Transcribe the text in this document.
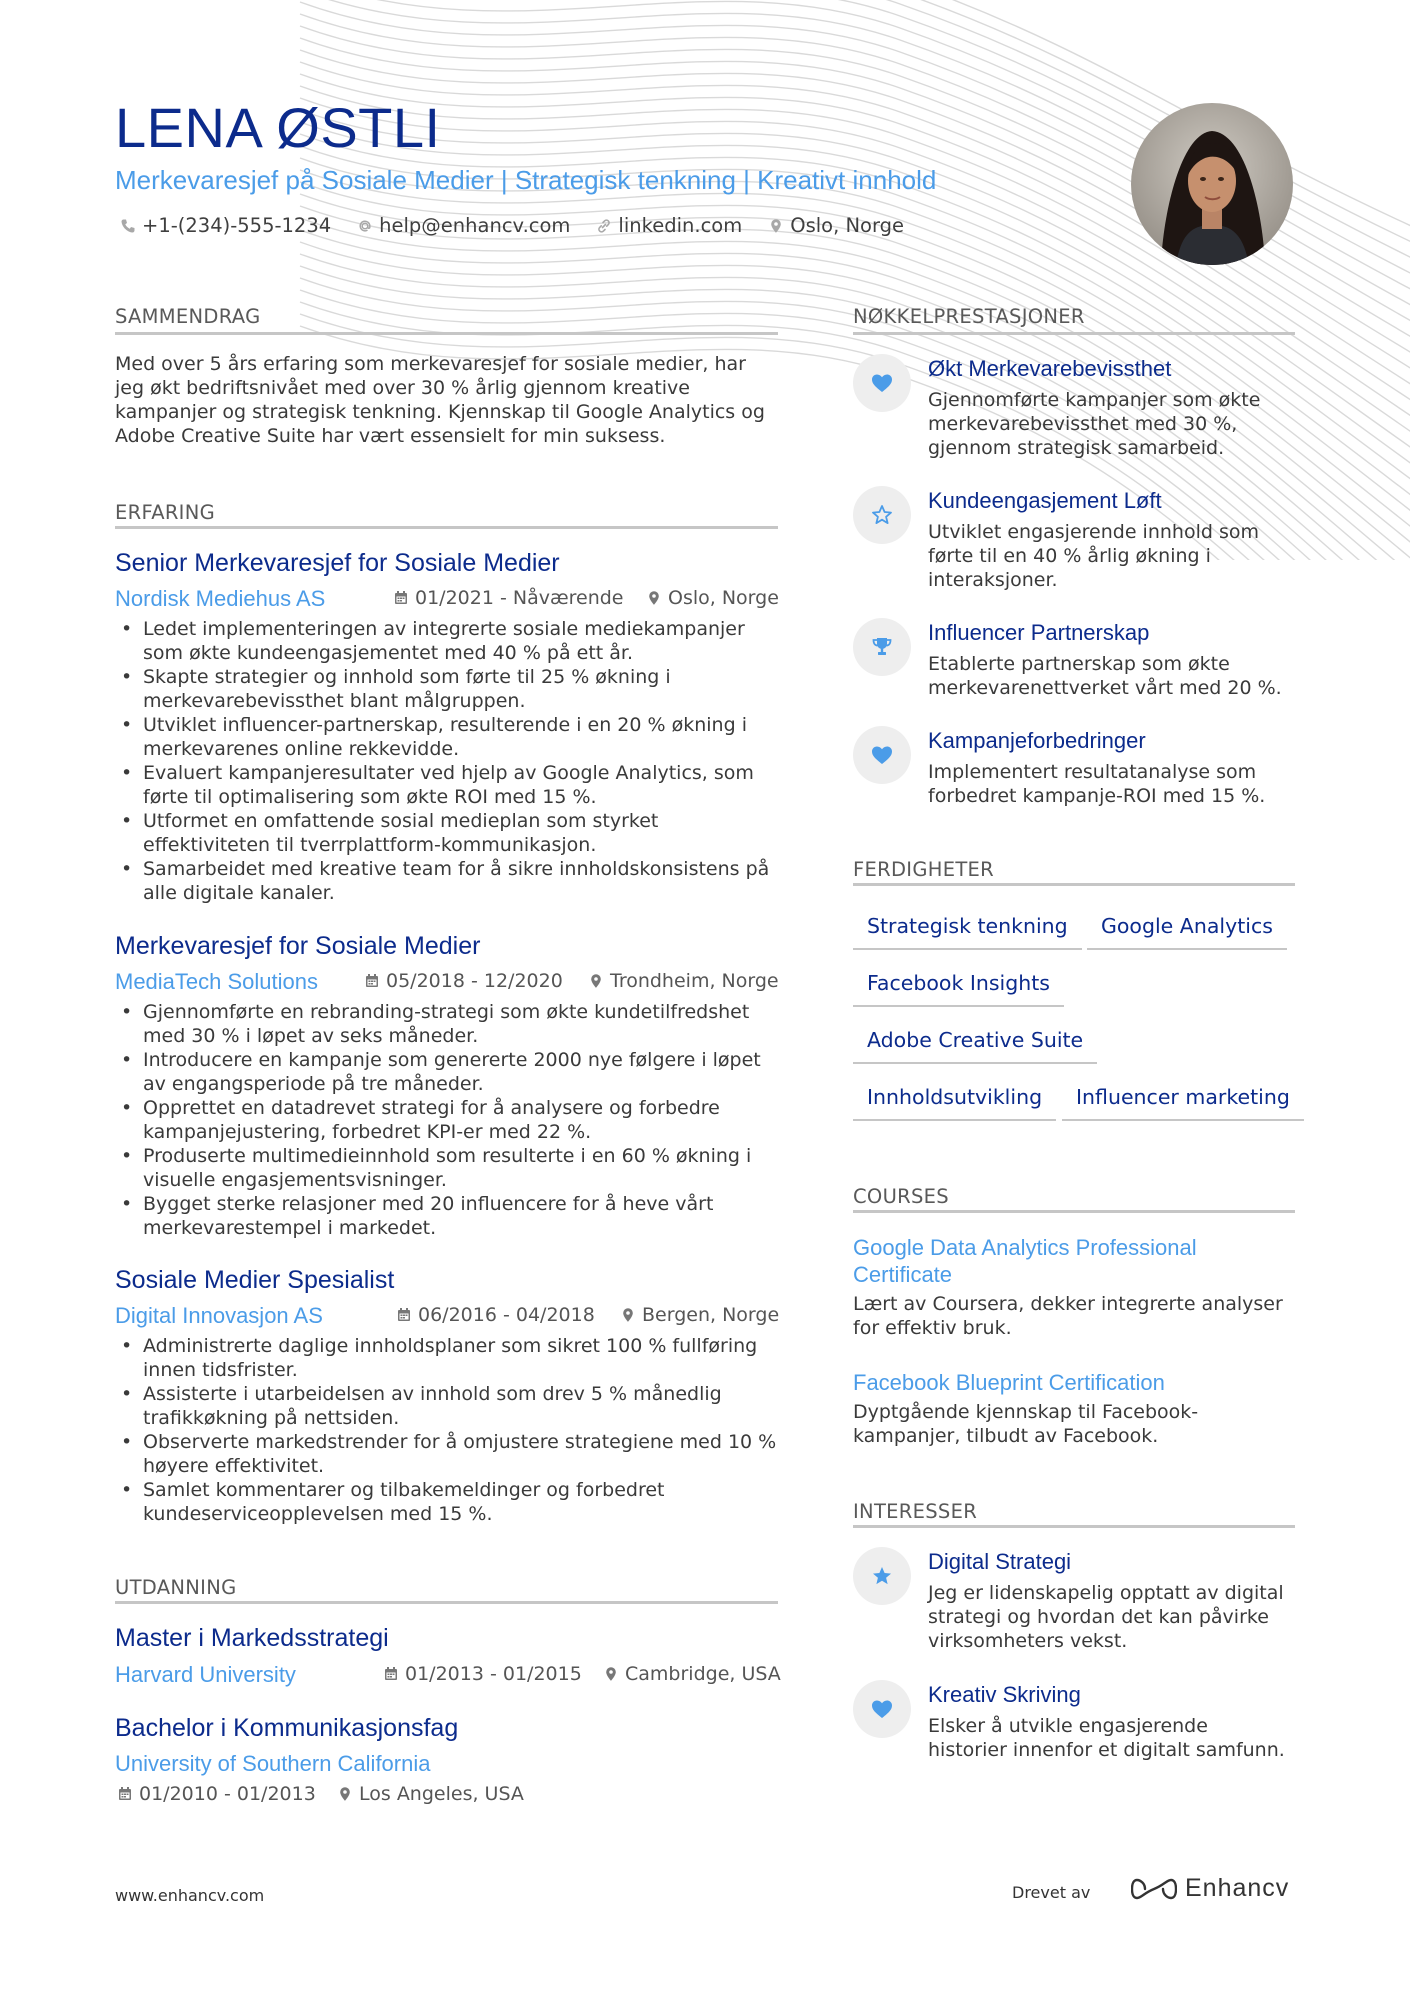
LENA ØSTLI
Merkevaresjef på Sosiale Medier | Strategisk tenkning | Kreativt innhold
+1-(234)-555-1234 help@enhancv.com linkedin.com Oslo, Norge
SAMMENDRAG

Med over 5 års erfaring som merkevaresjef for sosiale medier, har jeg økt bedriftsnivået med over 30 % årlig gjennom kreative kampanjer og strategisk tenkning. Kjennskap til Google Analytics og Adobe Creative Suite har vært essensielt for min suksess.

ERFARING
Senior Merkevaresjef for Sosiale Medier
Nordisk Mediehus AS	01/2021 - Nåværende Oslo, Norge
• Ledet implementeringen av integrerte sosiale mediekampanjer som økte kundeengasjementet med 40 % på ett år.
• Skapte strategier og innhold som førte til 25 % økning i merkevarebevissthet blant målgruppen.
• Utviklet influencer-partnerskap, resulterende i en 20 % økning i merkevarenes online rekkevidde.
• Evaluert kampanjeresultater ved hjelp av Google Analytics, som førte til optimalisering som økte ROI med 15 %.
• Utformet en omfattende sosial medieplan som styrket effektiviteten til tverrplattform-kommunikasjon.
• Samarbeidet med kreative team for å sikre innholdskonsistens på alle digitale kanaler.
Merkevaresjef for Sosiale Medier
MediaTech Solutions	05/2018 - 12/2020 Trondheim, Norge
• Gjennomførte en rebranding-strategi som økte kundetilfredshet med 30 % i løpet av seks måneder.
• Introducere en kampanje som genererte 2000 nye følgere i løpet av engangsperiode på tre måneder.
• Opprettet en datadrevet strategi for å analysere og forbedre kampanjejustering, forbedret KPI-er med 22 %.
• Produserte multimedieinnhold som resulterte i en 60 % økning i visuelle engasjementsvisninger.
• Bygget sterke relasjoner med 20 influencere for å heve vårt merkevarestempel i markedet.
Sosiale Medier Spesialist
Digital Innovasjon AS	06/2016 - 04/2018 Bergen, Norge
• Administrerte daglige innholdsplaner som sikret 100 % fullføring innen tidsfrister.
• Assisterte i utarbeidelsen av innhold som drev 5 % månedlig trafikkøkning på nettsiden.
• Observerte markedstrender for å omjustere strategiene med 10 % høyere effektivitet.
• Samlet kommentarer og tilbakemeldinger og forbedret kundeserviceopplevelsen med 15 %.
UTDANNING
Master i Markedsstrategi
Harvard University	01/2013 - 01/2015 Cambridge, USA
Bachelor i Kommunikasjonsfag
University of Southern California
01/2010 - 01/2013 Los Angeles, USA
NØKKELPRESTASJONER
Økt Merkevarebevissthet
Gjennomførte kampanjer som økte merkevarebevissthet med 30 %, gjennom strategisk samarbeid.
Kundeengasjement Løft
Utviklet engasjerende innhold som førte til en 40 % årlig økning i interaksjoner.
Influencer Partnerskap
Etablerte partnerskap som økte merkevarenettverket vårt med 20 %.
Kampanjeforbedringer
Implementert resultatanalyse som forbedret kampanje-ROI med 15 %.
FERDIGHETER
Strategisk tenkning	Google Analytics
Facebook Insights
Adobe Creative Suite
Innholdsutvikling	Influencer marketing
COURSES
Google Data Analytics Professional Certificate
Lært av Coursera, dekker integrerte analyser for effektiv bruk.
Facebook Blueprint Certification
Dyptgående kjennskap til Facebook-kampanjer, tilbudt av Facebook.
INTERESSER
Digital Strategi
Jeg er lidenskapelig opptatt av digital strategi og hvordan det kan påvirke virksomheters vekst.
Kreativ Skriving
Elsker å utvikle engasjerende historier innenfor et digitalt samfunn.
www.enhancv.com	Drevet av	Enhancv
